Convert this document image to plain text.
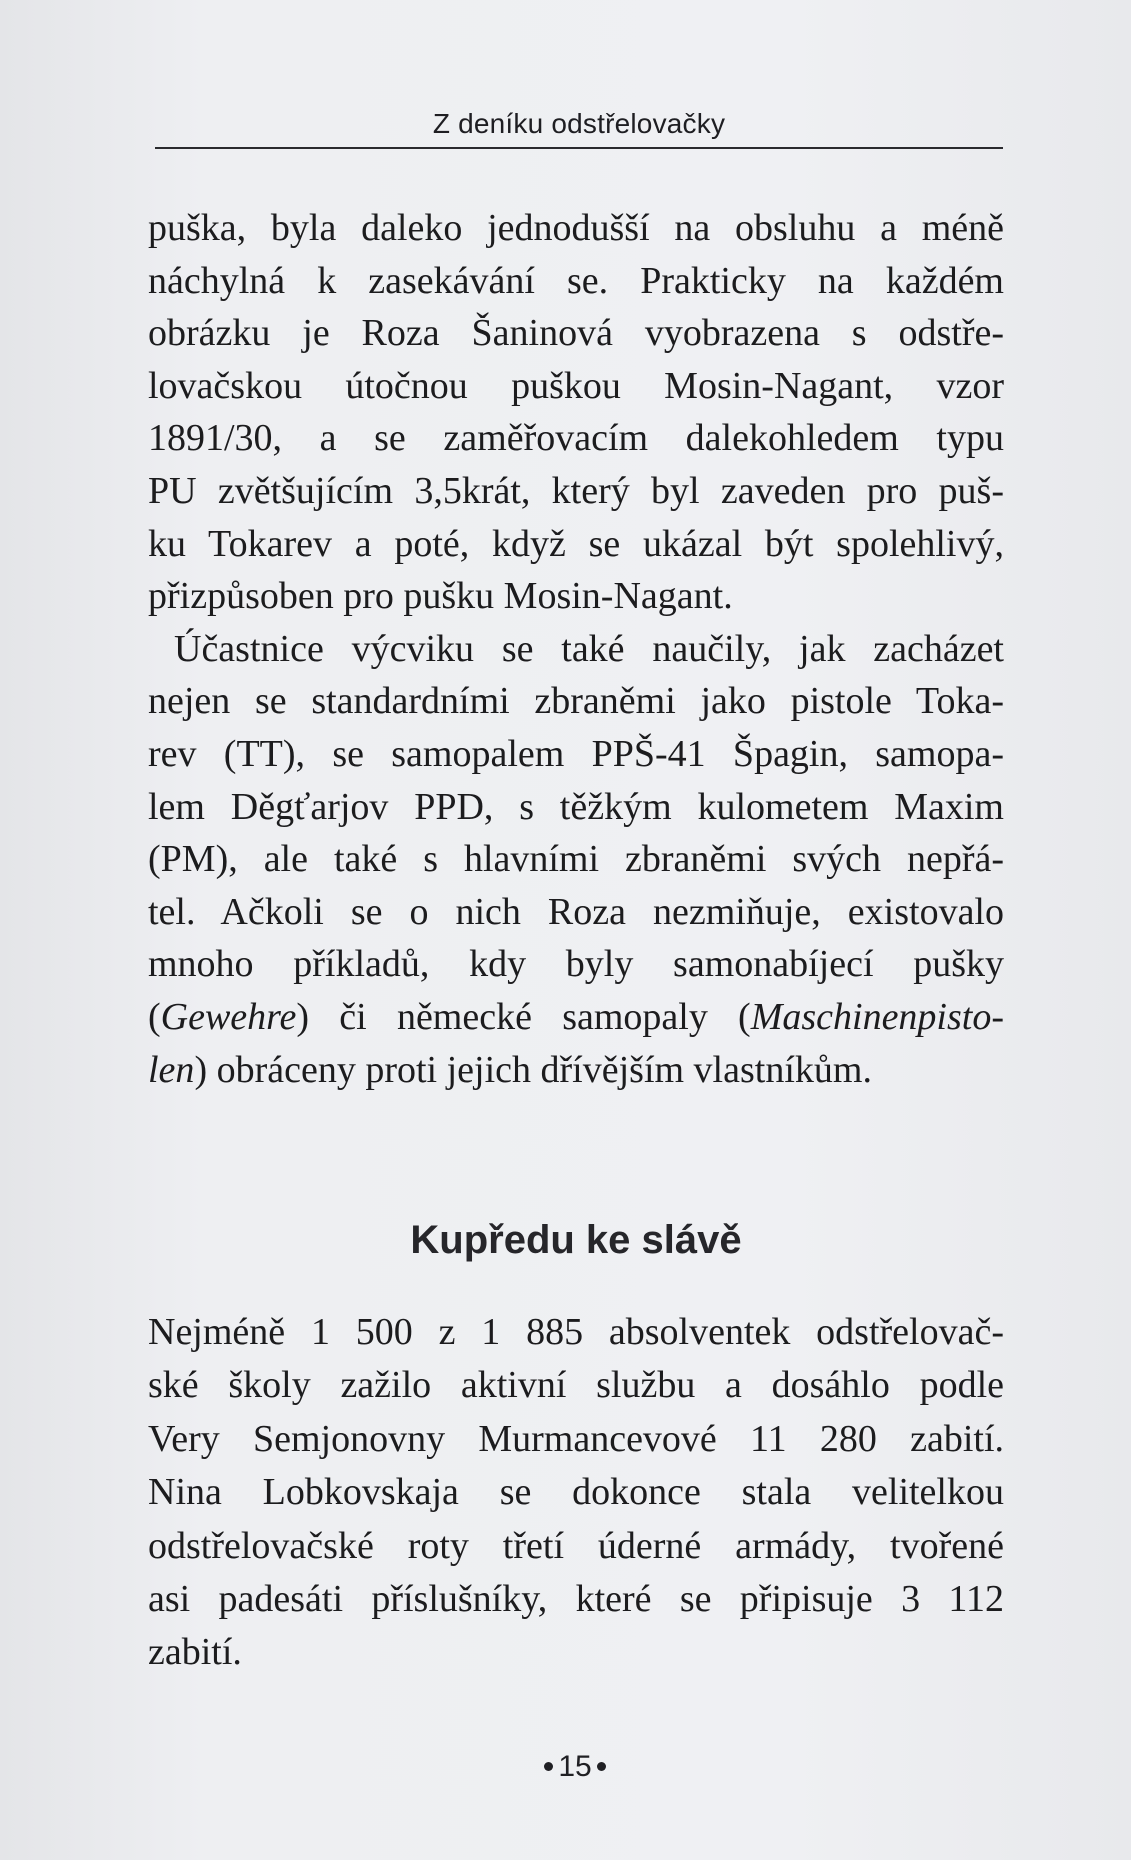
Z deníku odstřelovačky
puška, byla daleko jednodušší na obsluhu a méně
náchylná k zasekávání se. Prakticky na každém
obrázku je Roza Šaninová vyobrazena s odstře-
lovačskou útočnou puškou Mosin-Nagant, vzor
1891/30, a se zaměřovacím dalekohledem typu
PU zvětšujícím 3,5krát, který byl zaveden pro puš-
ku Tokarev a poté, když se ukázal být spolehlivý,
přizpůsoben pro pušku Mosin-Nagant.
Účastnice výcviku se také naučily, jak zacházet
nejen se standardními zbraněmi jako pistole Toka-
rev (TT), se samopalem PPŠ-41 Špagin, samopa-
lem Děgťarjov PPD, s těžkým kulometem Maxim
(PM), ale také s hlavními zbraněmi svých nepřá-
tel. Ačkoli se o nich Roza nezmiňuje, existovalo
mnoho příkladů, kdy byly samonabíjecí pušky
(Gewehre) či německé samopaly (Maschinenpisto-
len) obráceny proti jejich dřívějším vlastníkům.
Kupředu ke slávě
Nejméně 1 500 z 1 885 absolventek odstřelovač-
ské školy zažilo aktivní službu a dosáhlo podle
Very Semjonovny Murmancevové 11 280 zabití.
Nina Lobkovskaja se dokonce stala velitelkou
odstřelovačské roty třetí úderné armády, tvořené
asi padesáti příslušníky, které se připisuje 3 112
zabití.
15
